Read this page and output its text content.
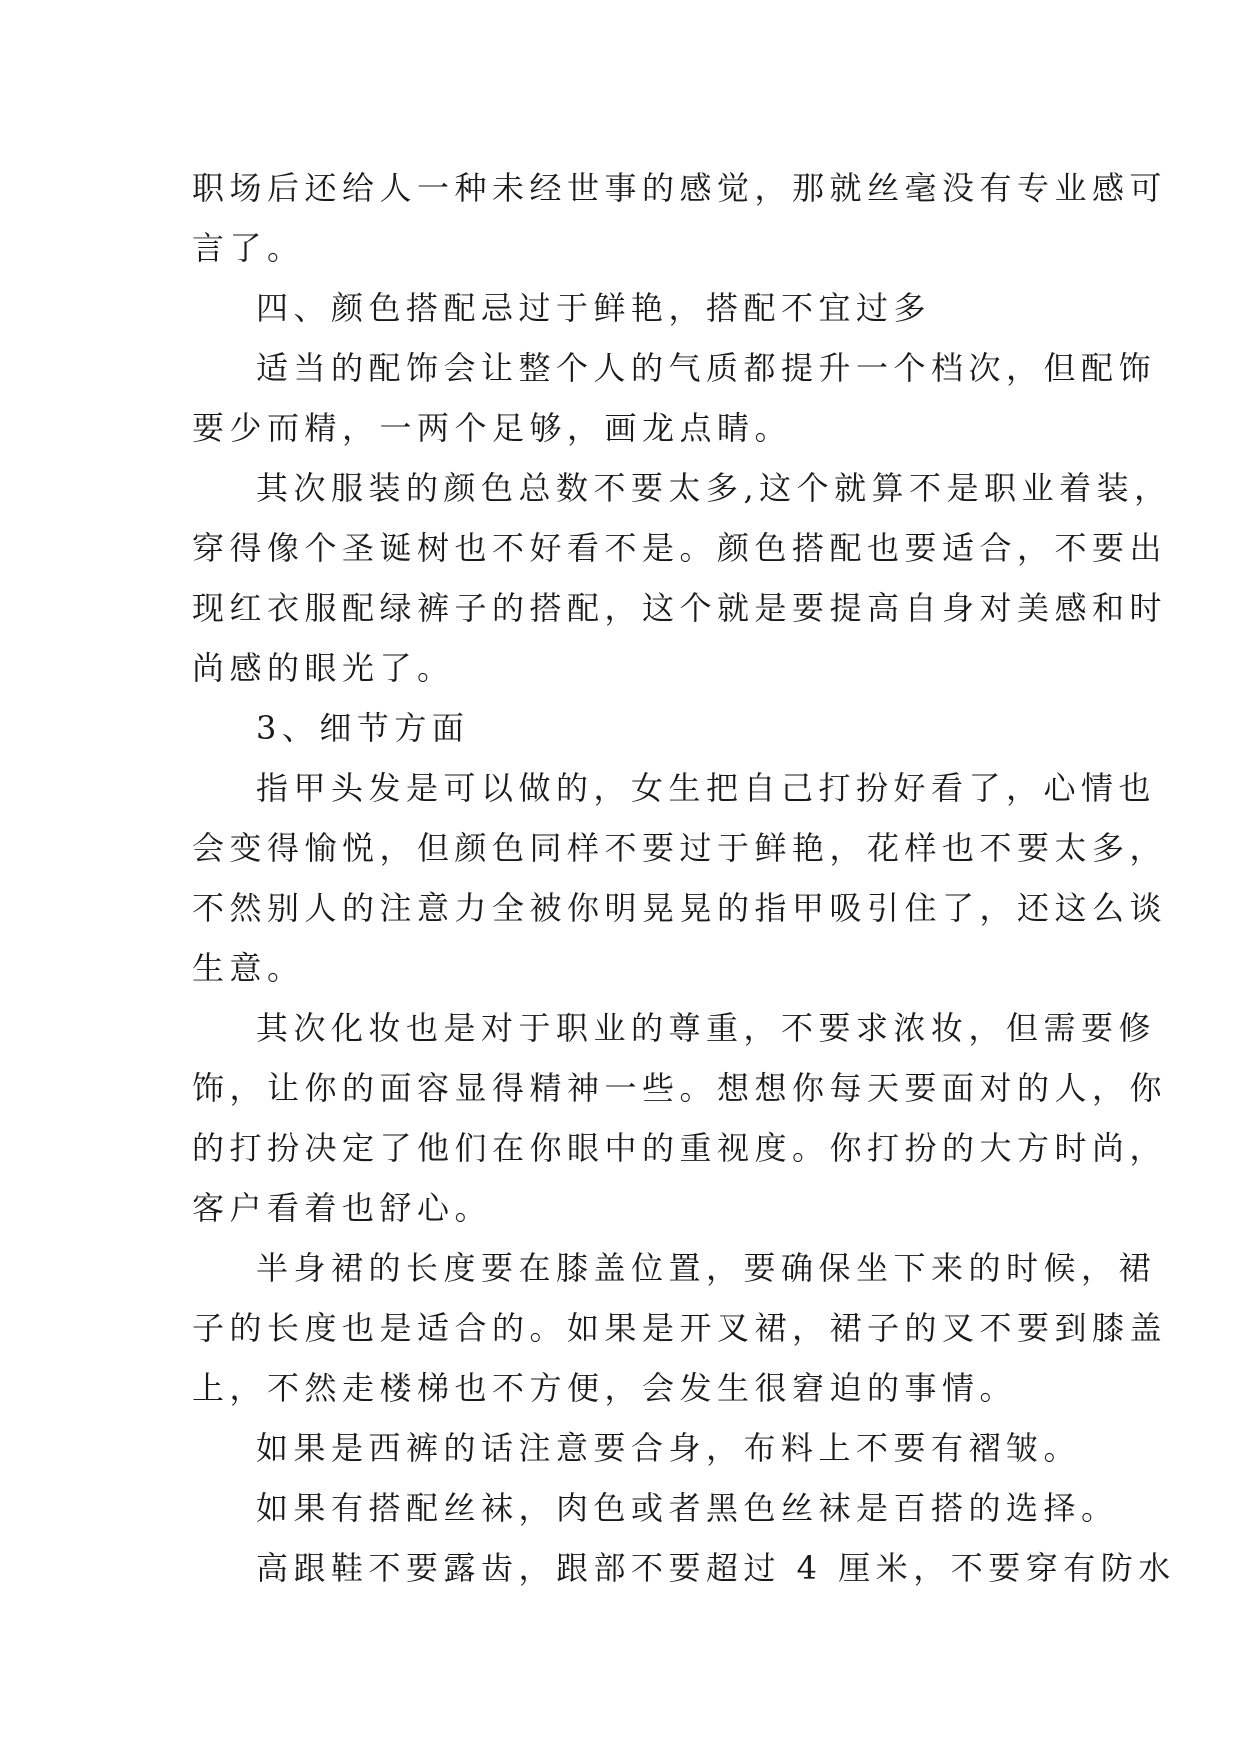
职场后还给人一种未经世事的感觉，那就丝毫没有专业感可
言了。
四、颜色搭配忌过于鲜艳，搭配不宜过多
适当的配饰会让整个人的气质都提升一个档次，但配饰
要少而精，一两个足够，画龙点睛。
其次服装的颜色总数不要太多,这个就算不是职业着装，
穿得像个圣诞树也不好看不是。颜色搭配也要适合，不要出
现红衣服配绿裤子的搭配，这个就是要提高自身对美感和时
尚感的眼光了。
3、细节方面
指甲头发是可以做的，女生把自己打扮好看了，心情也
会变得愉悦，但颜色同样不要过于鲜艳，花样也不要太多，
不然别人的注意力全被你明晃晃的指甲吸引住了，还这么谈
生意。
其次化妆也是对于职业的尊重，不要求浓妆，但需要修
饰，让你的面容显得精神一些。想想你每天要面对的人，你
的打扮决定了他们在你眼中的重视度。你打扮的大方时尚，
客户看着也舒心。
半身裙的长度要在膝盖位置，要确保坐下来的时候，裙
子的长度也是适合的。如果是开叉裙，裙子的叉不要到膝盖
上，不然走楼梯也不方便，会发生很窘迫的事情。
如果是西裤的话注意要合身，布料上不要有褶皱。
如果有搭配丝袜，肉色或者黑色丝袜是百搭的选择。
高跟鞋不要露齿，跟部不要超过 4 厘米，不要穿有防水
